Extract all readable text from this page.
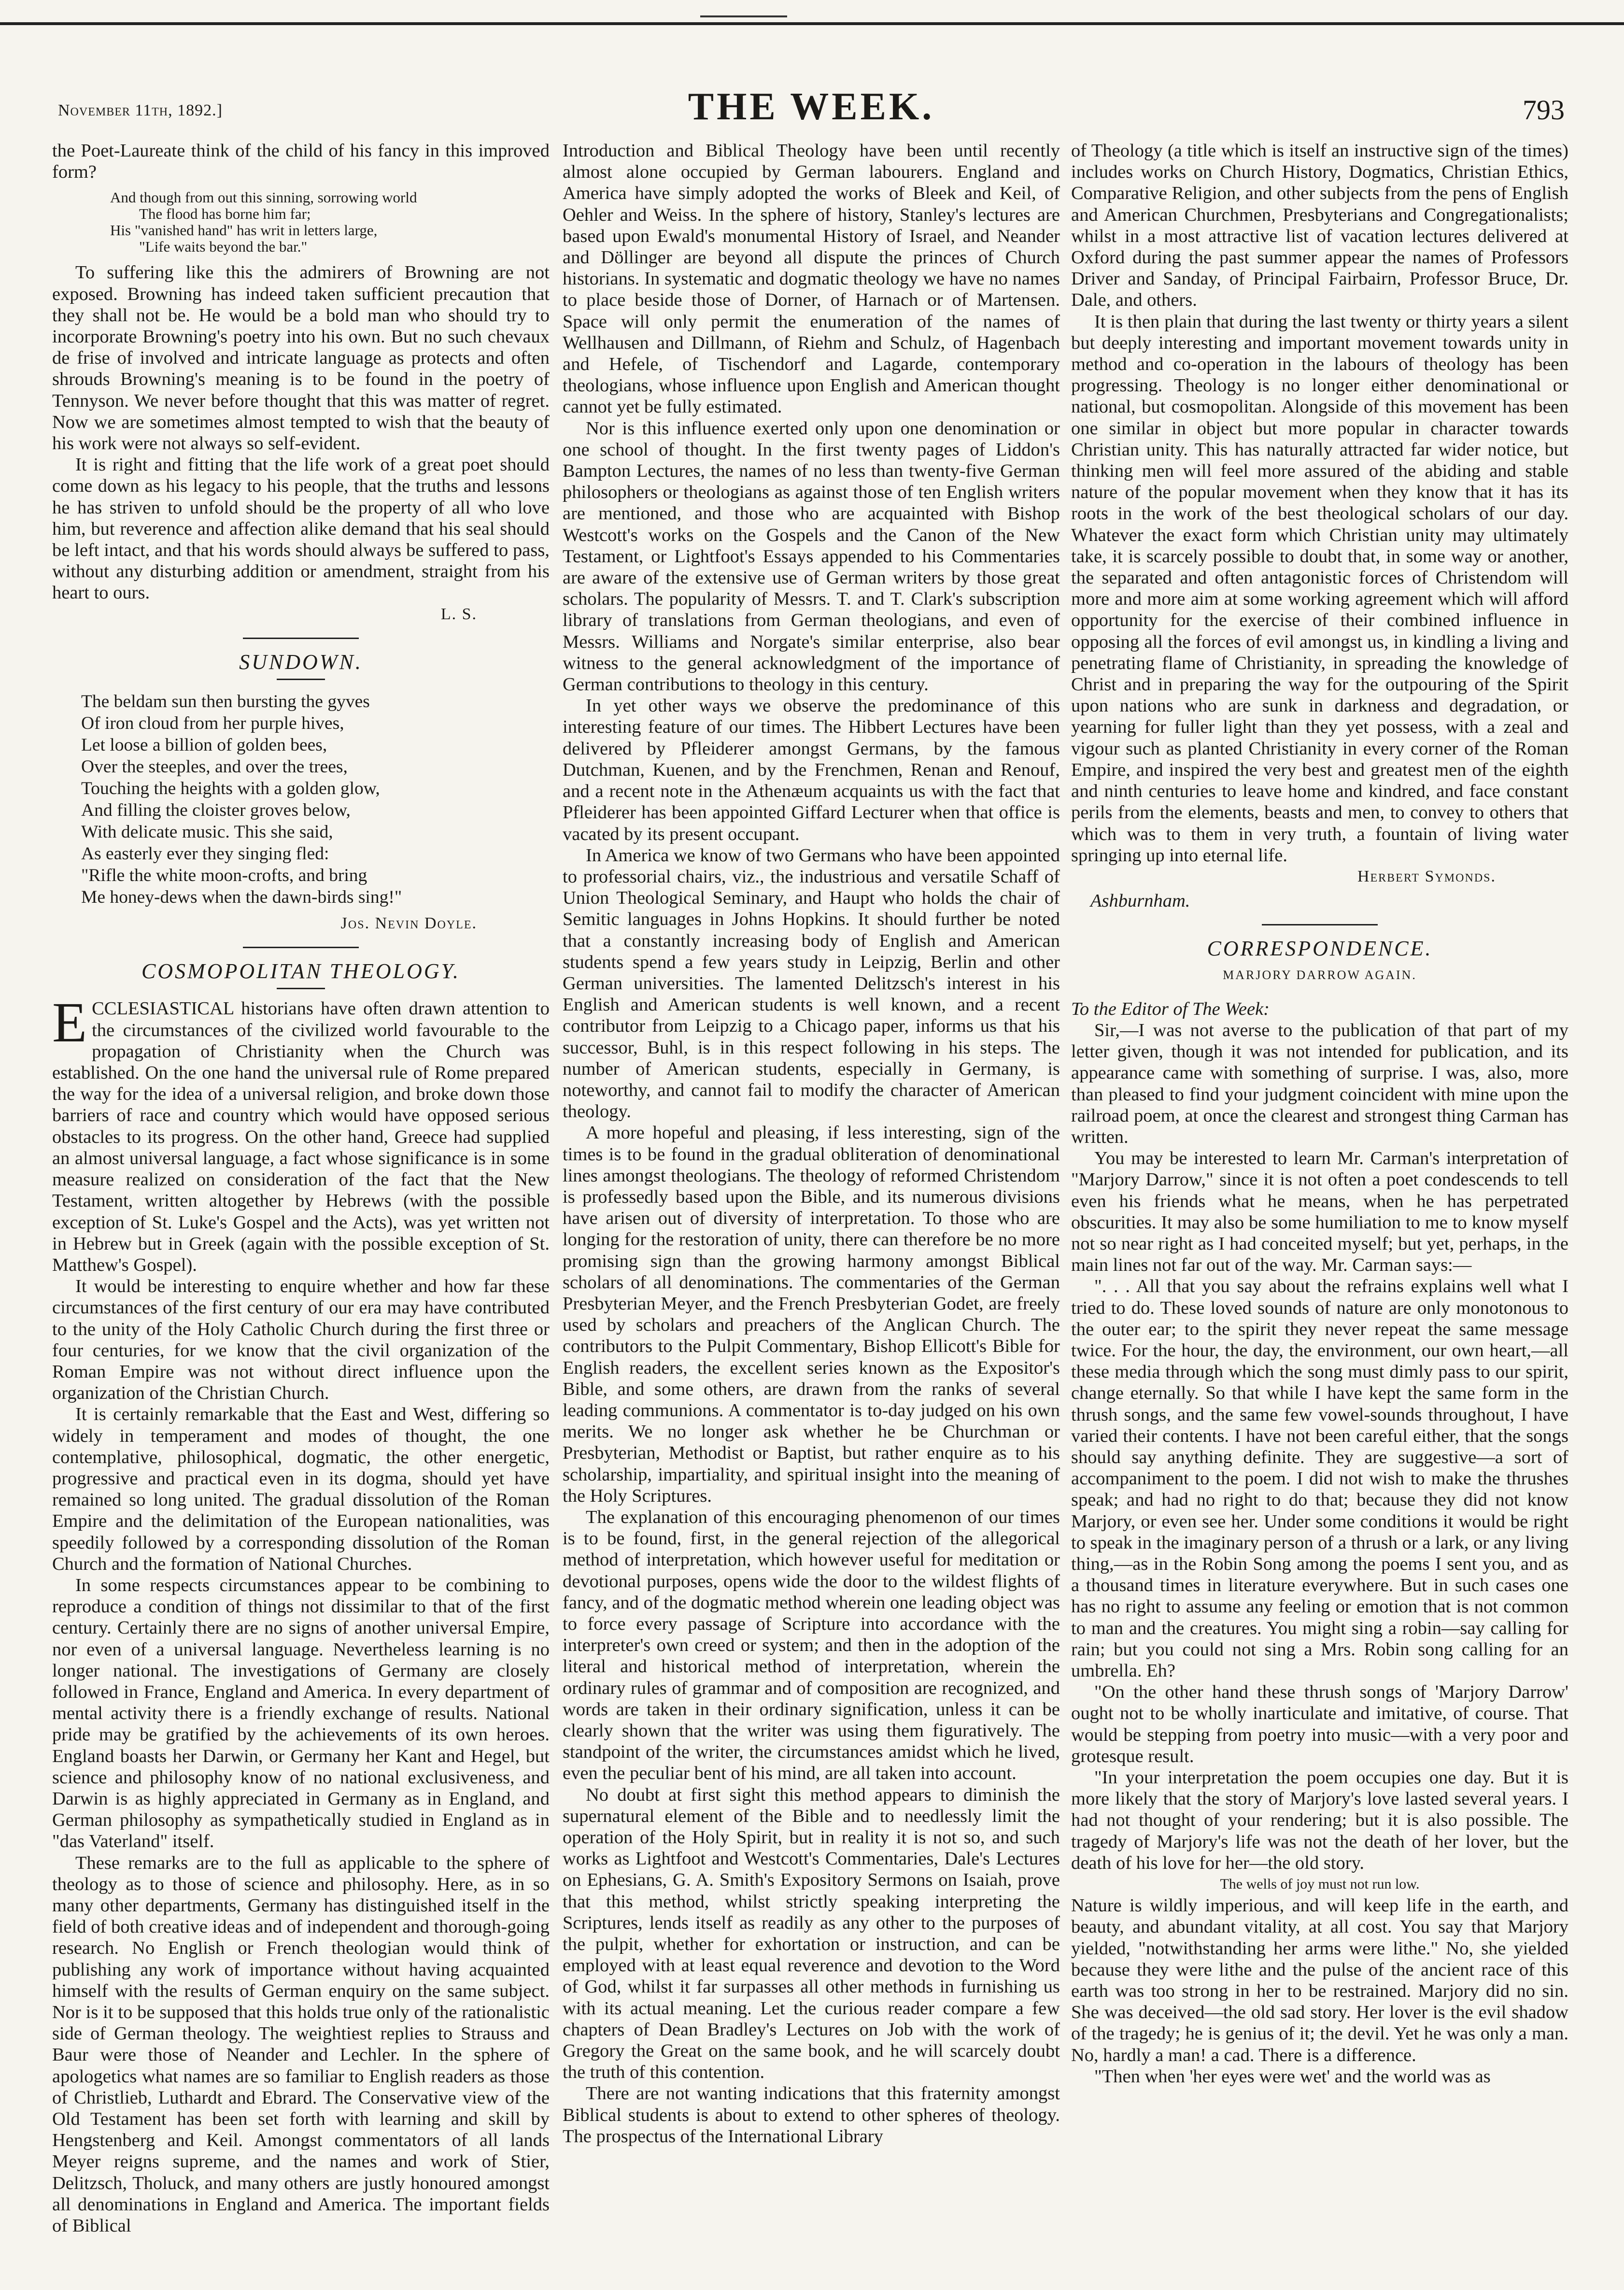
November 11th, 1892.]	THE WEEK.	793

the Poet-Laureate think of the child of his fancy in this improved form?

And though from out this sinning, sorrowing world
The flood has borne him far;
His "vanished hand" has writ in letters large,
"Life waits beyond the bar."

To suffering like this the admirers of Browning are not exposed. Browning has indeed taken sufficient precaution that they shall not be. He would be a bold man who should try to incorporate Browning's poetry into his own. But no such chevaux de frise of involved and intricate language as protects and often shrouds Browning's meaning is to be found in the poetry of Tennyson. We never before thought that this was matter of regret. Now we are sometimes almost tempted to wish that the beauty of his work were not always so self-evident.

It is right and fitting that the life work of a great poet should come down as his legacy to his people, that the truths and lessons he has striven to unfold should be the property of all who love him, but reverence and affection alike demand that his seal should be left intact, and that his words should always be suffered to pass, without any disturbing addition or amendment, straight from his heart to ours.

L. S.
SUNDOWN.
The beldam sun then bursting the gyves
Of iron cloud from her purple hives,
Let loose a billion of golden bees,
Over the steeples, and over the trees,
Touching the heights with a golden glow,
And filling the cloister groves below,
With delicate music. This she said,
As easterly ever they singing fled:
"Rifle the white moon-crofts, and bring
Me honey-dews when the dawn-birds sing!"
Jos. Nevin Doyle.
COSMOPOLITAN THEOLOGY.

ECCLESIASTICAL historians have often drawn attention to the circumstances of the civilized world favourable to the propagation of Christianity when the Church was established. On the one hand the universal rule of Rome prepared the way for the idea of a universal religion, and broke down those barriers of race and country which would have opposed serious obstacles to its progress. On the other hand, Greece had supplied an almost universal language, a fact whose significance is in some measure realized on consideration of the fact that the New Testament, written altogether by Hebrews (with the possible exception of St. Luke's Gospel and the Acts), was yet written not in Hebrew but in Greek (again with the possible exception of St. Matthew's Gospel).

It would be interesting to enquire whether and how far these circumstances of the first century of our era may have contributed to the unity of the Holy Catholic Church during the first three or four centuries, for we know that the civil organization of the Roman Empire was not without direct influence upon the organization of the Christian Church.

It is certainly remarkable that the East and West, differing so widely in temperament and modes of thought, the one contemplative, philosophical, dogmatic, the other energetic, progressive and practical even in its dogma, should yet have remained so long united. The gradual dissolution of the Roman Empire and the delimitation of the European nationalities, was speedily followed by a corresponding dissolution of the Roman Church and the formation of National Churches.

In some respects circumstances appear to be combining to reproduce a condition of things not dissimilar to that of the first century. Certainly there are no signs of another universal Empire, nor even of a universal language. Nevertheless learning is no longer national. The investigations of Germany are closely followed in France, England and America. In every department of mental activity there is a friendly exchange of results. National pride may be gratified by the achievements of its own heroes. England boasts her Darwin, or Germany her Kant and Hegel, but science and philosophy know of no national exclusiveness, and Darwin is as highly appreciated in Germany as in England, and German philosophy as sympathetically studied in England as in "das Vaterland" itself.

These remarks are to the full as applicable to the sphere of theology as to those of science and philosophy. Here, as in so many other departments, Germany has distinguished itself in the field of both creative ideas and of independent and thorough-going research. No English or French theologian would think of publishing any work of importance without having acquainted himself with the results of German enquiry on the same subject. Nor is it to be supposed that this holds true only of the rationalistic side of German theology. The weightiest replies to Strauss and Baur were those of Neander and Lechler. In the sphere of apologetics what names are so familiar to English readers as those of Christlieb, Luthardt and Ebrard. The Conservative view of the Old Testament has been set forth with learning and skill by Hengstenberg and Keil. Amongst commentators of all lands Meyer reigns supreme, and the names and work of Stier, Delitzsch, Tholuck, and many others are justly honoured amongst all denominations in England and America. The important fields of Biblical

Introduction and Biblical Theology have been until recently almost alone occupied by German labourers. England and America have simply adopted the works of Bleek and Keil, of Oehler and Weiss. In the sphere of history, Stanley's lectures are based upon Ewald's monumental History of Israel, and Neander and Döllinger are beyond all dispute the princes of Church historians. In systematic and dogmatic theology we have no names to place beside those of Dorner, of Harnach or of Martensen. Space will only permit the enumeration of the names of Wellhausen and Dillmann, of Riehm and Schulz, of Hagenbach and Hefele, of Tischendorf and Lagarde, contemporary theologians, whose influence upon English and American thought cannot yet be fully estimated.

Nor is this influence exerted only upon one denomination or one school of thought. In the first twenty pages of Liddon's Bampton Lectures, the names of no less than twenty-five German philosophers or theologians as against those of ten English writers are mentioned, and those who are acquainted with Bishop Westcott's works on the Gospels and the Canon of the New Testament, or Lightfoot's Essays appended to his Commentaries are aware of the extensive use of German writers by those great scholars. The popularity of Messrs. T. and T. Clark's subscription library of translations from German theologians, and even of Messrs. Williams and Norgate's similar enterprise, also bear witness to the general acknowledgment of the importance of German contributions to theology in this century.

In yet other ways we observe the predominance of this interesting feature of our times. The Hibbert Lectures have been delivered by Pfleiderer amongst Germans, by the famous Dutchman, Kuenen, and by the Frenchmen, Renan and Renouf, and a recent note in the Athenæum acquaints us with the fact that Pfleiderer has been appointed Giffard Lecturer when that office is vacated by its present occupant.

In America we know of two Germans who have been appointed to professorial chairs, viz., the industrious and versatile Schaff of Union Theological Seminary, and Haupt who holds the chair of Semitic languages in Johns Hopkins. It should further be noted that a constantly increasing body of English and American students spend a few years study in Leipzig, Berlin and other German universities. The lamented Delitzsch's interest in his English and American students is well known, and a recent contributor from Leipzig to a Chicago paper, informs us that his successor, Buhl, is in this respect following in his steps. The number of American students, especially in Germany, is noteworthy, and cannot fail to modify the character of American theology.

A more hopeful and pleasing, if less interesting, sign of the times is to be found in the gradual obliteration of denominational lines amongst theologians. The theology of reformed Christendom is professedly based upon the Bible, and its numerous divisions have arisen out of diversity of interpretation. To those who are longing for the restoration of unity, there can therefore be no more promising sign than the growing harmony amongst Biblical scholars of all denominations. The commentaries of the German Presbyterian Meyer, and the French Presbyterian Godet, are freely used by scholars and preachers of the Anglican Church. The contributors to the Pulpit Commentary, Bishop Ellicott's Bible for English readers, the excellent series known as the Expositor's Bible, and some others, are drawn from the ranks of several leading communions. A commentator is to-day judged on his own merits. We no longer ask whether he be Churchman or Presbyterian, Methodist or Baptist, but rather enquire as to his scholarship, impartiality, and spiritual insight into the meaning of the Holy Scriptures.

The explanation of this encouraging phenomenon of our times is to be found, first, in the general rejection of the allegorical method of interpretation, which however useful for meditation or devotional purposes, opens wide the door to the wildest flights of fancy, and of the dogmatic method wherein one leading object was to force every passage of Scripture into accordance with the interpreter's own creed or system; and then in the adoption of the literal and historical method of interpretation, wherein the ordinary rules of grammar and of composition are recognized, and words are taken in their ordinary signification, unless it can be clearly shown that the writer was using them figuratively. The standpoint of the writer, the circumstances amidst which he lived, even the peculiar bent of his mind, are all taken into account.

No doubt at first sight this method appears to diminish the supernatural element of the Bible and to needlessly limit the operation of the Holy Spirit, but in reality it is not so, and such works as Lightfoot and Westcott's Commentaries, Dale's Lectures on Ephesians, G. A. Smith's Expository Sermons on Isaiah, prove that this method, whilst strictly speaking interpreting the Scriptures, lends itself as readily as any other to the purposes of the pulpit, whether for exhortation or instruction, and can be employed with at least equal reverence and devotion to the Word of God, whilst it far surpasses all other methods in furnishing us with its actual meaning. Let the curious reader compare a few chapters of Dean Bradley's Lectures on Job with the work of Gregory the Great on the same book, and he will scarcely doubt the truth of this contention.

There are not wanting indications that this fraternity amongst Biblical students is about to extend to other spheres of theology. The prospectus of the International Library

of Theology (a title which is itself an instructive sign of the times) includes works on Church History, Dogmatics, Christian Ethics, Comparative Religion, and other subjects from the pens of English and American Churchmen, Presbyterians and Congregationalists; whilst in a most attractive list of vacation lectures delivered at Oxford during the past summer appear the names of Professors Driver and Sanday, of Principal Fairbairn, Professor Bruce, Dr. Dale, and others.

It is then plain that during the last twenty or thirty years a silent but deeply interesting and important movement towards unity in method and co-operation in the labours of theology has been progressing. Theology is no longer either denominational or national, but cosmopolitan. Alongside of this movement has been one similar in object but more popular in character towards Christian unity. This has naturally attracted far wider notice, but thinking men will feel more assured of the abiding and stable nature of the popular movement when they know that it has its roots in the work of the best theological scholars of our day. Whatever the exact form which Christian unity may ultimately take, it is scarcely possible to doubt that, in some way or another, the separated and often antagonistic forces of Christendom will more and more aim at some working agreement which will afford opportunity for the exercise of their combined influence in opposing all the forces of evil amongst us, in kindling a living and penetrating flame of Christianity, in spreading the knowledge of Christ and in preparing the way for the outpouring of the Spirit upon nations who are sunk in darkness and degradation, or yearning for fuller light than they yet possess, with a zeal and vigour such as planted Christianity in every corner of the Roman Empire, and inspired the very best and greatest men of the eighth and ninth centuries to leave home and kindred, and face constant perils from the elements, beasts and men, to convey to others that which was to them in very truth, a fountain of living water springing up into eternal life.

Herbert Symonds.
Ashburnham.
CORRESPONDENCE.
MARJORY DARROW AGAIN.

To the Editor of The Week:

Sir,—I was not averse to the publication of that part of my letter given, though it was not intended for publication, and its appearance came with something of surprise. I was, also, more than pleased to find your judgment coincident with mine upon the railroad poem, at once the clearest and strongest thing Carman has written.

You may be interested to learn Mr. Carman's interpretation of "Marjory Darrow," since it is not often a poet condescends to tell even his friends what he means, when he has perpetrated obscurities. It may also be some humiliation to me to know myself not so near right as I had conceited myself; but yet, perhaps, in the main lines not far out of the way. Mr. Carman says:—

". . . All that you say about the refrains explains well what I tried to do. These loved sounds of nature are only monotonous to the outer ear; to the spirit they never repeat the same message twice. For the hour, the day, the environment, our own heart,—all these media through which the song must dimly pass to our spirit, change eternally. So that while I have kept the same form in the thrush songs, and the same few vowel-sounds throughout, I have varied their contents. I have not been careful either, that the songs should say anything definite. They are suggestive—a sort of accompaniment to the poem. I did not wish to make the thrushes speak; and had no right to do that; because they did not know Marjory, or even see her. Under some conditions it would be right to speak in the imaginary person of a thrush or a lark, or any living thing,—as in the Robin Song among the poems I sent you, and as a thousand times in literature everywhere. But in such cases one has no right to assume any feeling or emotion that is not common to man and the creatures. You might sing a robin—say calling for rain; but you could not sing a Mrs. Robin song calling for an umbrella. Eh?

"On the other hand these thrush songs of 'Marjory Darrow' ought not to be wholly inarticulate and imitative, of course. That would be stepping from poetry into music—with a very poor and grotesque result.

"In your interpretation the poem occupies one day. But it is more likely that the story of Marjory's love lasted several years. I had not thought of your rendering; but it is also possible. The tragedy of Marjory's life was not the death of her lover, but the death of his love for her—the old story.

The wells of joy must not run low.

Nature is wildly imperious, and will keep life in the earth, and beauty, and abundant vitality, at all cost. You say that Marjory yielded, "notwithstanding her arms were lithe." No, she yielded because they were lithe and the pulse of the ancient race of this earth was too strong in her to be restrained. Marjory did no sin. She was deceived—the old sad story. Her lover is the evil shadow of the tragedy; he is genius of it; the devil. Yet he was only a man. No, hardly a man! a cad. There is a difference.

"Then when 'her eyes were wet' and the world was as
